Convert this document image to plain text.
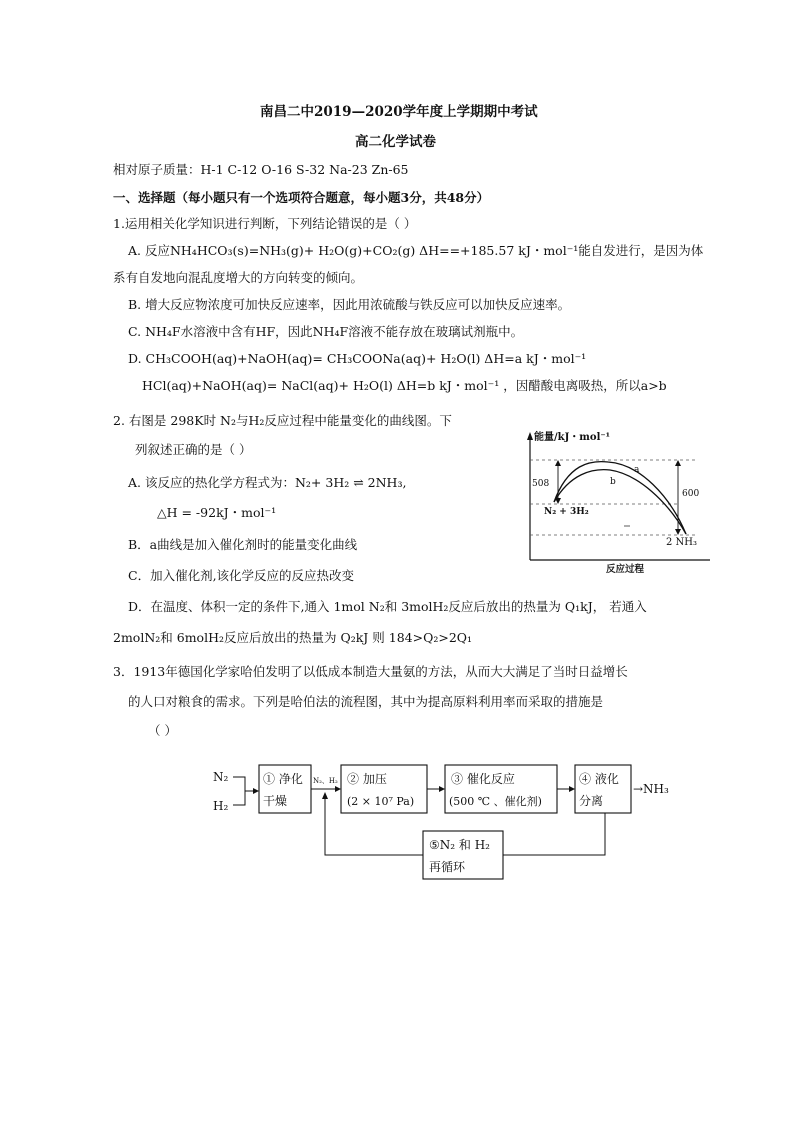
南昌二中2019—2020学年度上学期期中考试
高二化学试卷
相对原子质量：H-1 C-12 O-16 S-32 Na-23 Zn-65
一、选择题（每小题只有一个选项符合题意，每小题3分，共48分）
1.运用相关化学知识进行判断，下列结论错误的是（ ）
A. 反应NH₄HCO₃(s)=NH₃(g)+ H₂O(g)+CO₂(g) ΔH==+185.57 kJ・mol⁻¹能自发进行，是因为体
系有自发地向混乱度增大的方向转变的倾向。
B. 增大反应物浓度可加快反应速率，因此用浓硫酸与铁反应可以加快反应速率。
C. NH₄F水溶液中含有HF，因此NH₄F溶液不能存放在玻璃试剂瓶中。
D. CH₃COOH(aq)+NaOH(aq)= CH₃COONa(aq)+ H₂O(l) ΔH=a kJ・mol⁻¹
HCl(aq)+NaOH(aq)= NaCl(aq)+ H₂O(l) ΔH=b kJ・mol⁻¹ ，因醋酸电离吸热，所以a>b
2. 右图是 298K时 N₂与H₂反应过程中能量变化的曲线图。下
列叙述正确的是（ ）
A. 该反应的热化学方程式为：N₂+ 3H₂ ⇌ 2NH₃,
△H = -92kJ・mol⁻¹
B．a曲线是加入催化剂时的能量变化曲线
C．加入催化剂,该化学反应的反应热改变
D．在温度、体积一定的条件下,通入 1mol N₂和 3molH₂反应后放出的热量为 Q₁kJ， 若通入
2molN₂和 6molH₂反应后放出的热量为 Q₂kJ 则 184>Q₂>2Q₁
能量/kJ・mol⁻¹
508
600
N₂ + 3H₂
2 NH₃
a
b
反应过程
3．1913年德国化学家哈伯发明了以低成本制造大量氨的方法，从而大大满足了当时日益增长
的人口对粮食的需求。下列是哈伯法的流程图，其中为提高原料利用率而采取的措施是
（ ）
N₂
H₂
① 净化
干燥
N₂、H₂ ② 加压
(2 × 10⁷ Pa)
③ 催化反应
(500 ℃ 、催化剂)
④ 液化
分离
→NH₃
⑤N₂ 和 H₂
再循环
